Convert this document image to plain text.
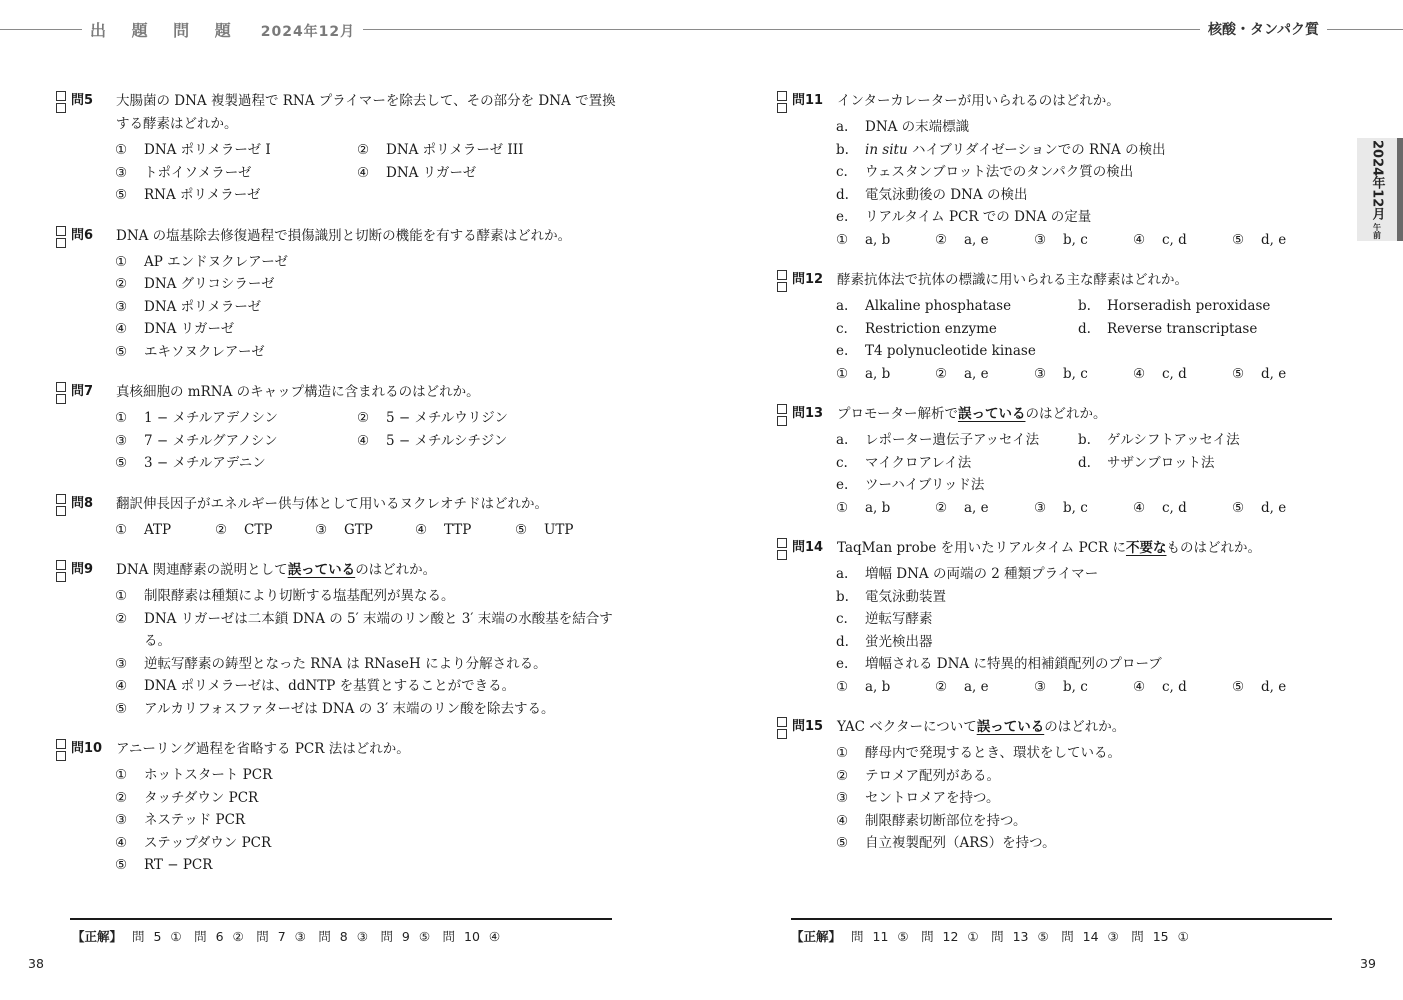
出 題 問 題 2024年12月	核酸・タンパク質
2024年12月
午前
問5	大腸菌の DNA 複製過程で RNA プライマーを除去して、その部分を DNA で置換する酵素はどれか。
①	DNA ポリメラーゼ I	②	DNA ポリメラーゼ III
③	トポイソメラーゼ	④	DNA リガーゼ
⑤	RNA ポリメラーゼ
問6	DNA の塩基除去修復過程で損傷識別と切断の機能を有する酵素はどれか。
①	AP エンドヌクレアーゼ
②	DNA グリコシラーゼ
③	DNA ポリメラーゼ
④	DNA リガーゼ
⑤	エキソヌクレアーゼ
問7	真核細胞の mRNA のキャップ構造に含まれるのはどれか。
①	1 − メチルアデノシン	②	5 − メチルウリジン
③	7 − メチルグアノシン	④	5 − メチルシチジン
⑤	3 − メチルアデニン
問8	翻訳伸長因子がエネルギー供与体として用いるヌクレオチドはどれか。
①	ATP	②	CTP	③	GTP	④	TTP	⑤	UTP
問9	DNA 関連酵素の説明として誤っているのはどれか。
①	制限酵素は種類により切断する塩基配列が異なる。
②	DNA リガーゼは二本鎖 DNA の 5′ 末端のリン酸と 3′ 末端の水酸基を結合する。
③	逆転写酵素の鋳型となった RNA は RNaseH により分解される。
④	DNA ポリメラーゼは、ddNTP を基質とすることができる。
⑤	アルカリフォスファターゼは DNA の 3′ 末端のリン酸を除去する。
問10	アニーリング過程を省略する PCR 法はどれか。
①	ホットスタート PCR
②	タッチダウン PCR
③	ネステッド PCR
④	ステップダウン PCR
⑤	RT − PCR
問11	インターカレーターが用いられるのはどれか。
a.	DNA の末端標識
b.	in situ ハイブリダイゼーションでの RNA の検出
c.	ウェスタンブロット法でのタンパク質の検出
d.	電気泳動後の DNA の検出
e.	リアルタイム PCR での DNA の定量
①	a, b	②	a, e	③	b, c	④	c, d	⑤	d, e
問12	酵素抗体法で抗体の標識に用いられる主な酵素はどれか。
a.	Alkaline phosphatase	b.	Horseradish peroxidase
c.	Restriction enzyme	d.	Reverse transcriptase
e.	T4 polynucleotide kinase
①	a, b	②	a, e	③	b, c	④	c, d	⑤	d, e
問13	プロモーター解析で誤っているのはどれか。
a.	レポーター遺伝子アッセイ法	b.	ゲルシフトアッセイ法
c.	マイクロアレイ法	d.	サザンブロット法
e.	ツーハイブリッド法
①	a, b	②	a, e	③	b, c	④	c, d	⑤	d, e
問14	TaqMan probe を用いたリアルタイム PCR に不要なものはどれか。
a.	増幅 DNA の両端の 2 種類プライマー
b.	電気泳動装置
c.	逆転写酵素
d.	蛍光検出器
e.	増幅される DNA に特異的相補鎖配列のプローブ
①	a, b	②	a, e	③	b, c	④	c, d	⑤	d, e
問15	YAC ベクターについて誤っているのはどれか。
①	酵母内で発現するとき、環状をしている。
②	テロメア配列がある。
③	セントロメアを持つ。
④	制限酵素切断部位を持つ。
⑤	自立複製配列（ARS）を持つ。
【正解】 問 5 ①　問 6 ②　問 7 ③　問 8 ③　問 9 ⑤　問 10 ④
38
【正解】 問 11 ⑤　問 12 ①　問 13 ⑤　問 14 ③　問 15 ①
39
